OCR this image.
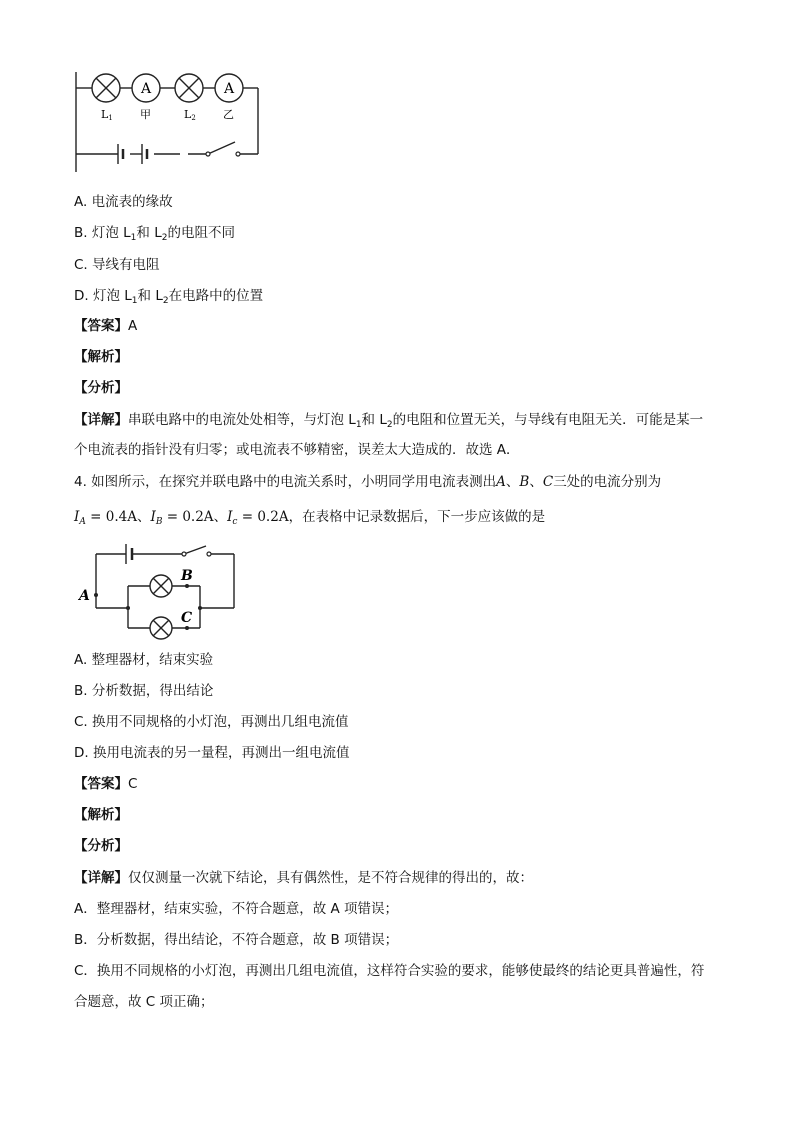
A	A
L1 甲	L2 乙
A. 电流表的缘故
B. 灯泡 $L_1$和 $L_2$的电阻不同
C. 导线有电阻
D. 灯泡 $L_1$和 $L_2$在电路中的位置
【答案】A
【解析】
【分析】
【详解】串联电路中的电流处处相等，与灯泡 $L_1$和 $L_2$的电阻和位置无关，与导线有电阻无关．可能是某一
个电流表的指针没有归零；或电流表不够精密，误差太大造成的．故选 A．
4. 如图所示，在探究并联电路中的电流关系时，小明同学用电流表测出A、B、C三处的电流分别为
$I_A = 0.4A$、$I_B = 0.2A$、$I_c = 0.2A$，在表格中记录数据后，下一步应该做的是
A
B
C
A. 整理器材，结束实验
B. 分析数据，得出结论
C. 换用不同规格的小灯泡，再测出几组电流值
D. 换用电流表的另一量程，再测出一组电流值
【答案】C
【解析】
【分析】
【详解】仅仅测量一次就下结论，具有偶然性，是不符合规律的得出的，故：
A．整理器材，结束实验，不符合题意，故 A 项错误；
B．分析数据，得出结论，不符合题意，故 B 项错误；
C．换用不同规格的小灯泡，再测出几组电流值，这样符合实验的要求，能够使最终的结论更具普遍性，符
合题意，故 C 项正确；
